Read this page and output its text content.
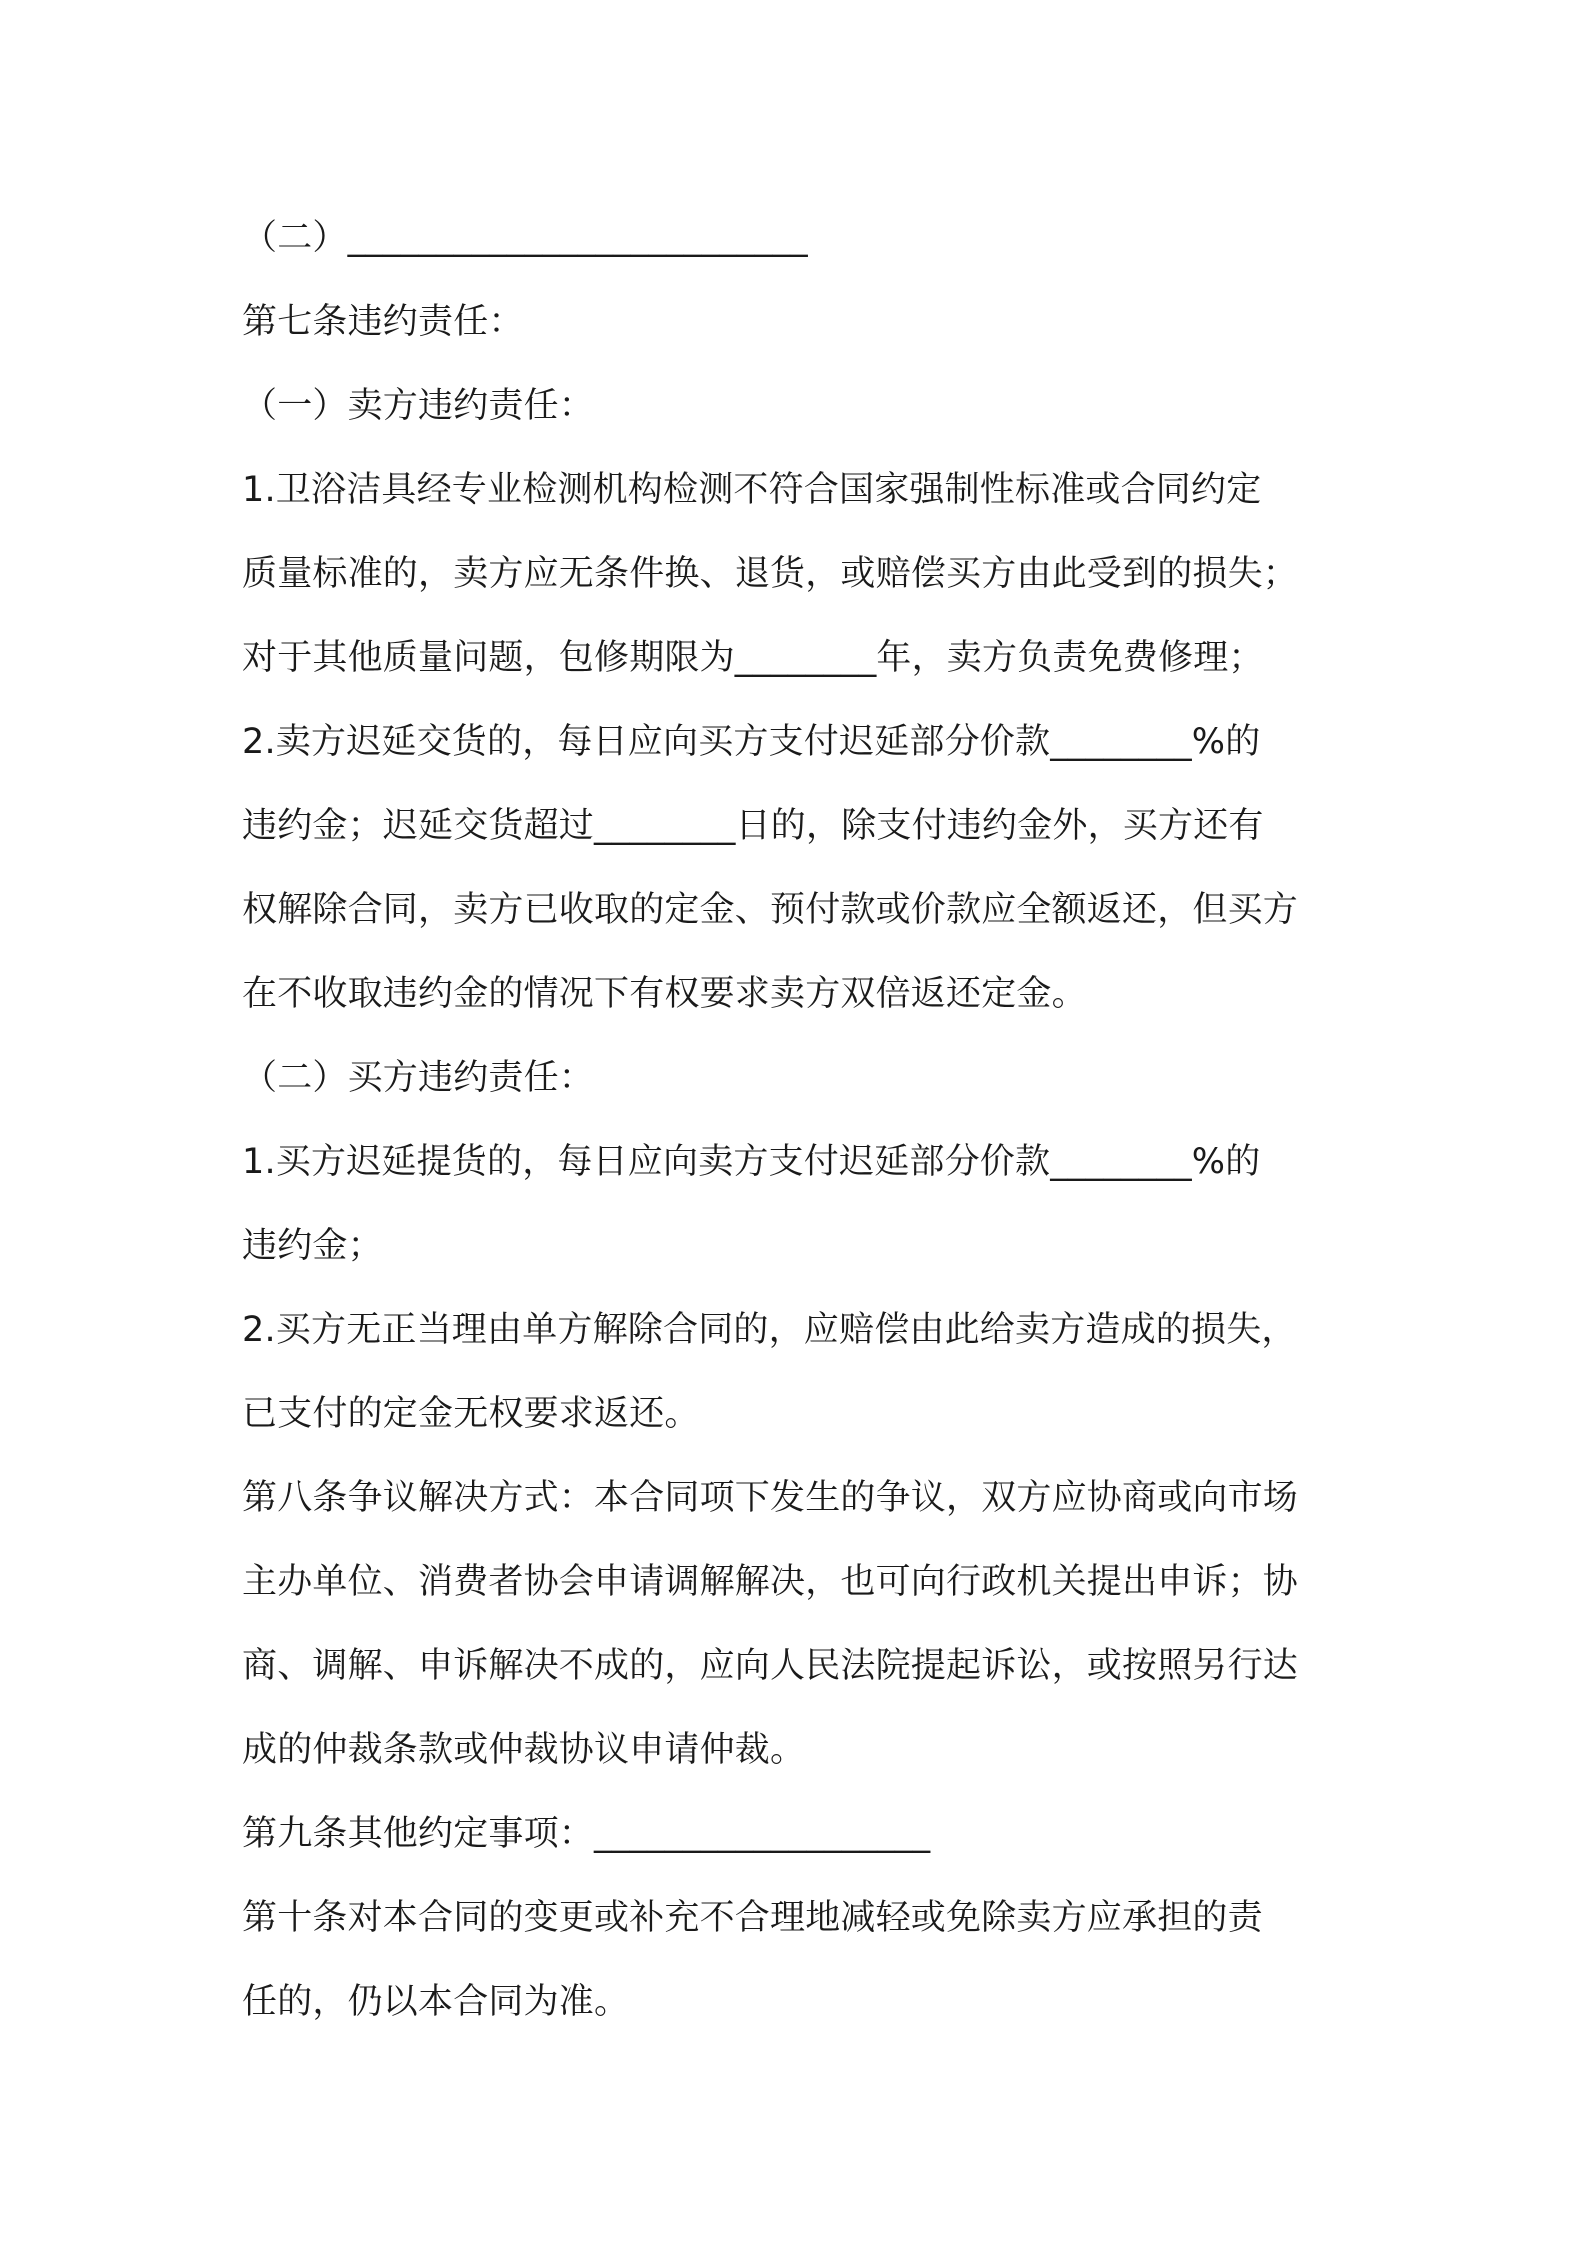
（二）__________________________
第七条违约责任：
（一）卖方违约责任：
1.卫浴洁具经专业检测机构检测不符合国家强制性标准或合同约定
质量标准的，卖方应无条件换、退货，或赔偿买方由此受到的损失；
对于其他质量问题，包修期限为________年，卖方负责免费修理；
2.卖方迟延交货的，每日应向买方支付迟延部分价款________%的
违约金；迟延交货超过________日的，除支付违约金外，买方还有
权解除合同，卖方已收取的定金、预付款或价款应全额返还，但买方
在不收取违约金的情况下有权要求卖方双倍返还定金。
（二）买方违约责任：
1.买方迟延提货的，每日应向卖方支付迟延部分价款________%的
违约金；
2.买方无正当理由单方解除合同的，应赔偿由此给卖方造成的损失，
已支付的定金无权要求返还。
第八条争议解决方式：本合同项下发生的争议，双方应协商或向市场
主办单位、消费者协会申请调解解决，也可向行政机关提出申诉；协
商、调解、申诉解决不成的，应向人民法院提起诉讼，或按照另行达
成的仲裁条款或仲裁协议申请仲裁。
第九条其他约定事项：___________________
第十条对本合同的变更或补充不合理地减轻或免除卖方应承担的责
任的，仍以本合同为准。
